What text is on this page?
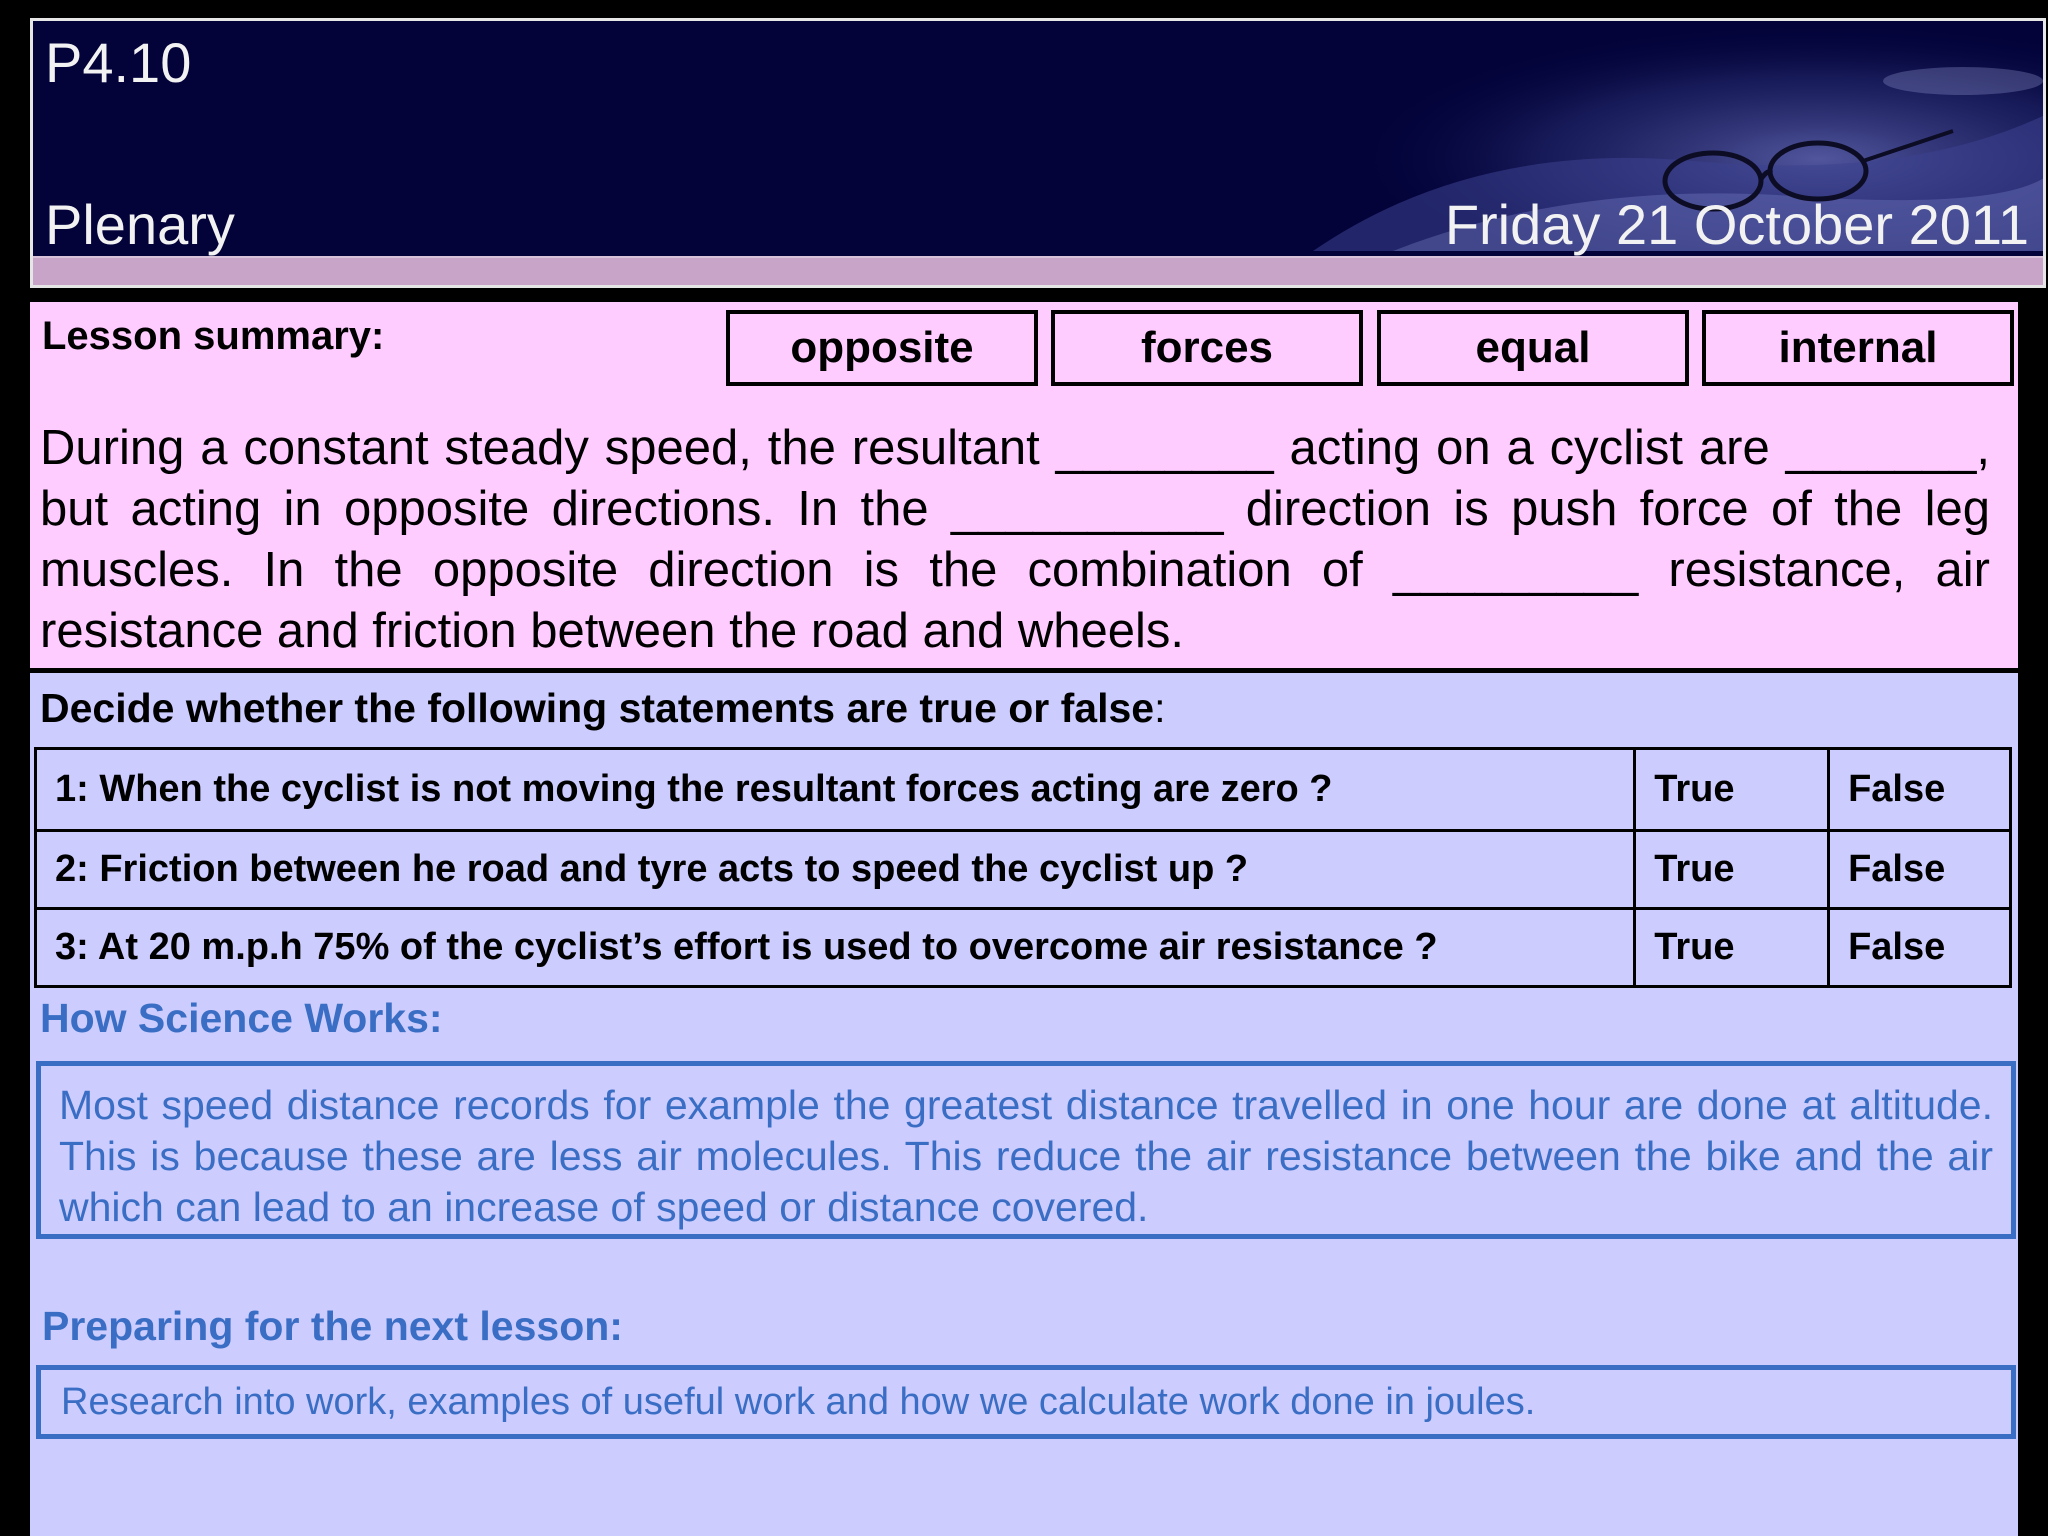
P4.10
Plenary	Friday 21 October 2011
Lesson summary:	opposite	forces	equal	internal
During a constant steady speed, the resultant ________ acting on a cyclist are _______, but acting in opposite directions. In the __________ direction is push force of the leg muscles. In the opposite direction is the combination of _________ resistance, air resistance and friction between the road and wheels.
Decide whether the following statements are true or false:
1: When the cyclist is not moving the resultant forces acting are zero ?	True	False
2: Friction between he road and tyre acts to speed the cyclist up ?	True	False
3: At 20 m.p.h 75% of the cyclist’s effort is used to overcome air resistance ?	True	False
How Science Works:
Most speed distance records for example the greatest distance travelled in one hour are done at altitude. This is because these are less air molecules. This reduce the air resistance between the bike and the air which can lead to an increase of speed or distance covered.
Preparing for the next lesson:
Research into work, examples of useful work and how we calculate work done in joules.
